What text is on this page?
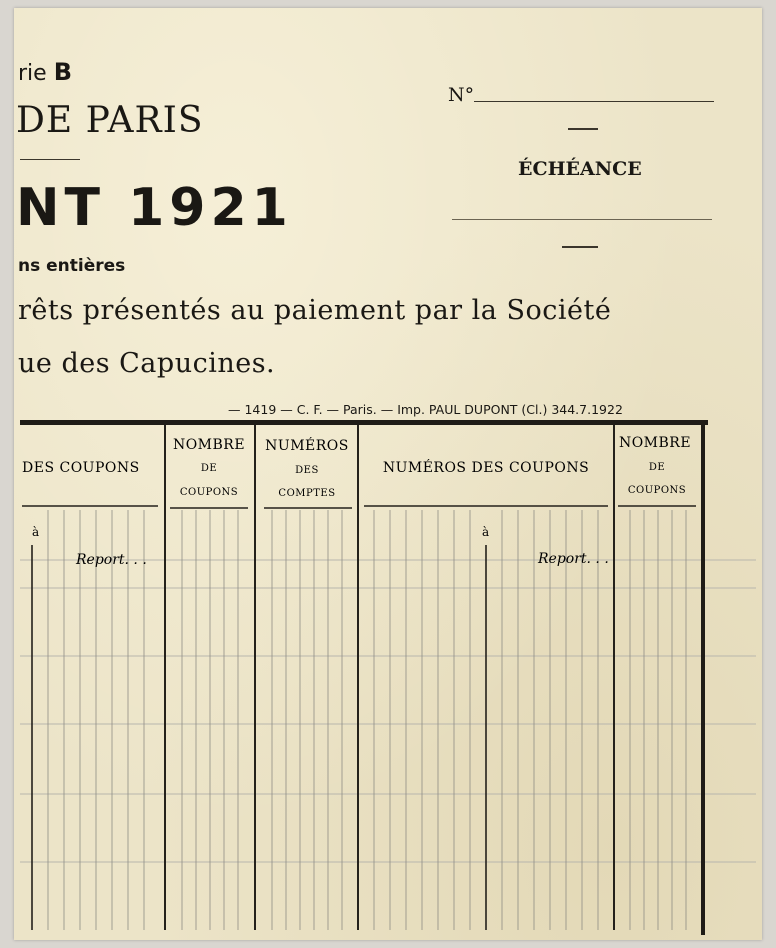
rie B
DE PARIS
NT 1921
ns entières
rêts présentés au paiement par la Société
ue des Capucines.
N°
ÉCHÉANCE
— 1419 — C. F. — Paris. — Imp. PAUL DUPONT (Cl.) 344.7.1922
DES COUPONS
NOMBRE
DE
COUPONS
NUMÉROS
DES
COMPTES
NUMÉROS DES COUPONS
NOMBRE
DE
COUPONS
à	à
Report. . .	Report. . .
